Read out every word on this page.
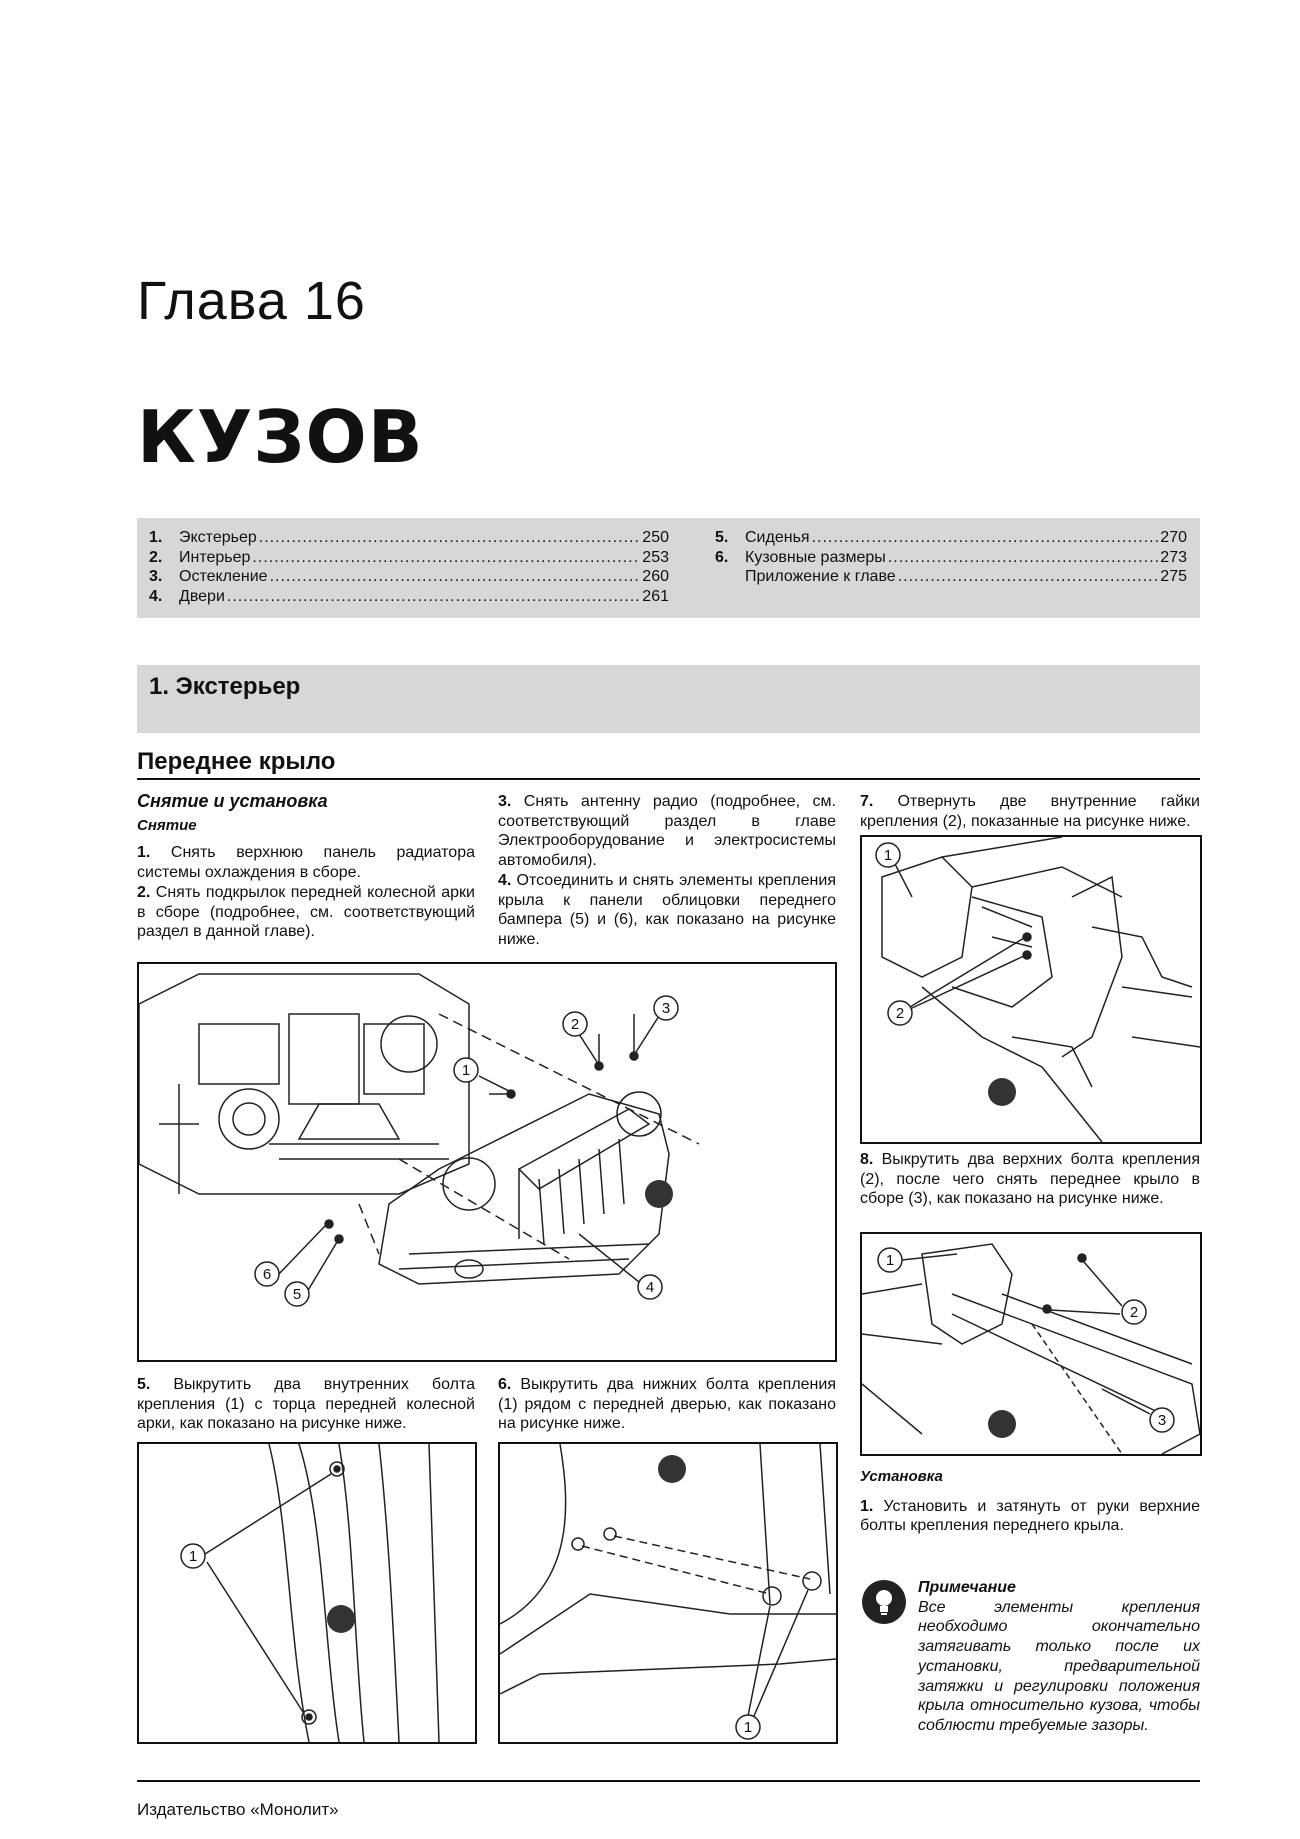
Глава 16
КУЗОВ
1.	Экстерьер .....	250
2.	Интерьер .....	253
3.	Остекление .....	260
4.	Двери .....	261
5.	Сиденья .....	270
6.	Кузовные размеры .....	273
Приложение к главе .....	275
1. Экстерьер
Переднее крыло

Снятие и установка

Снятие

1. Снять верхнюю панель радиатора системы охлаждения в сборе.

2. Снять подкрылок передней колесной арки в сборе (подробнее, см. соответствующий раздел в данной главе).

3. Снять антенну радио (подробнее, см. соответствующий раздел в главе Электрооборудование и электросистемы автомобиля).

4. Отсоединить и снять элементы крепления крыла к панели облицовки переднего бампера (5) и (6), как показано на рисунке ниже.

7. Отвернуть две внутренние гайки крепления (2), показанные на рисунке ниже.

1
2
3
4
5
6
1
2

8. Выкрутить два верхних болта крепления (2), после чего снять переднее крыло в сборе (3), как показано на рисунке ниже.

1
2
3

Установка

1. Установить и затянуть от руки верхние болты крепления переднего крыла.

Примечание

Все элементы крепления необходимо окончательно затягивать только после их установки, предварительной затяжки и регулировки положения крыла относительно кузова, чтобы соблюсти требуемые зазоры.

5. Выкрутить два внутренних болта крепления (1) с торца передней колесной арки, как показано на рисунке ниже.

6. Выкрутить два нижних болта крепления (1) рядом с передней дверью, как показано на рисунке ниже.

1
1
Издательство «Монолит»
